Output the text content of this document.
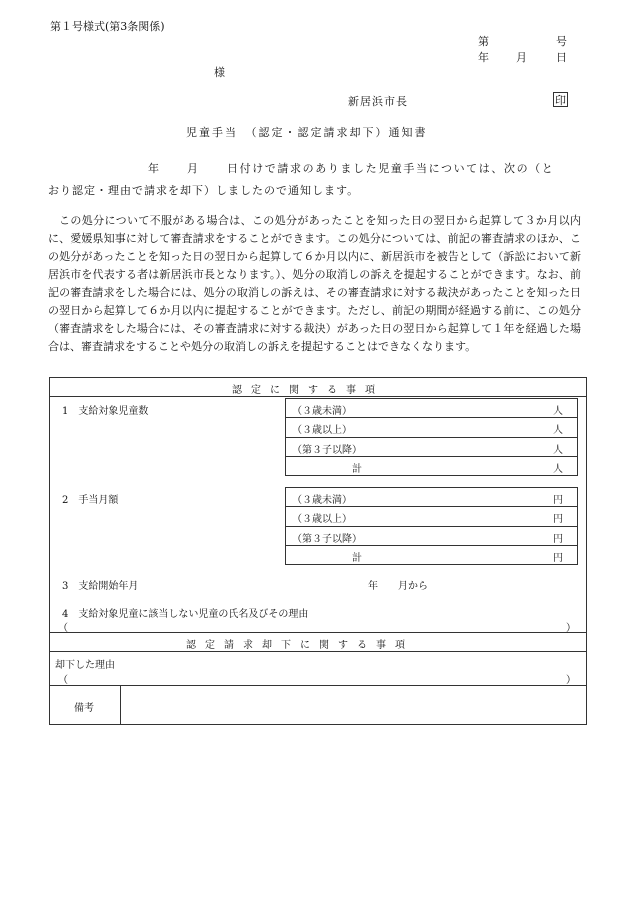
第１号様式(第3条関係)
第	号
年 月	日
様
新居浜市長	印
児童手当　（認定・認定請求却下）通知書
年	月	日付けで請求のありました児童手当については、次の（と
おり認定・理由で請求を却下）しましたので通知します。
この処分について不服がある場合は、この処分があったことを知った日の翌日から起算して３か月以内に、愛媛県知事に対して審査請求をすることができます。この処分については、前記の審査請求のほか、この処分があったことを知った日の翌日から起算して６か月以内に、新居浜市を被告として（訴訟において新居浜市を代表する者は新居浜市長となります。）、処分の取消しの訴えを提起することができます。なお、前記の審査請求をした場合には、処分の取消しの訴えは、その審査請求に対する裁決があったことを知った日の翌日から起算して６か月以内に提起することができます。ただし、前記の期間が経過する前に、この処分（審査請求をした場合には、その審査請求に対する裁決）があった日の翌日から起算して１年を経過した場合は、審査請求をすることや処分の取消しの訴えを提起することはできなくなります。
認定に関する事項
1　支給対象児童数	（３歳未満）	人
（３歳以上）	人
（第３子以降）	人
計	人
2　手当月額	（３歳未満）	円
（３歳以上）	円
（第３子以降）	円
計	円
3　支給開始年月	年 月から
4　支給対象児童に該当しない児童の氏名及びその理由
（	）
認定請求却下に関する事項
却下した理由
（	）
備考
